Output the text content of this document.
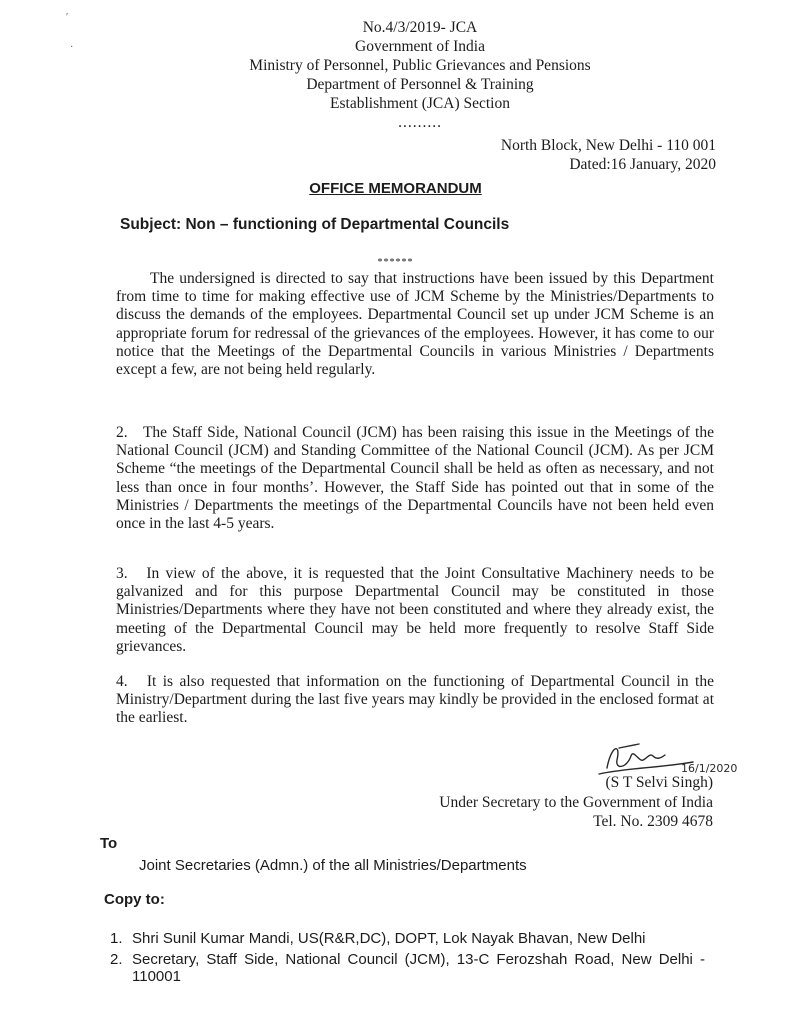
ʹ
·
No.4/3/2019- JCA
Government of India
Ministry of Personnel, Public Grievances and Pensions
Department of Personnel & Training
Establishment (JCA) Section
.........
North Block, New Delhi - 110 001
Dated:16 January, 2020
OFFICE MEMORANDUM
Subject: Non – functioning of Departmental Councils
******
The undersigned is directed to say that instructions have been issued by this Department from time to time for making effective use of JCM Scheme by the Ministries/Departments to discuss the demands of the employees. Departmental Council set up under JCM Scheme is an appropriate forum for redressal of the grievances of the employees. However, it has come to our notice that the Meetings of the Departmental Councils in various Ministries / Departments except a few, are not being held regularly.
2. The Staff Side, National Council (JCM) has been raising this issue in the Meetings of the National Council (JCM) and Standing Committee of the National Council (JCM). As per JCM Scheme “the meetings of the Departmental Council shall be held as often as necessary, and not less than once in four months’. However, the Staff Side has pointed out that in some of the Ministries / Departments the meetings of the Departmental Councils have not been held even once in the last 4-5 years.
3. In view of the above, it is requested that the Joint Consultative Machinery needs to be galvanized and for this purpose Departmental Council may be constituted in those Ministries/Departments where they have not been constituted and where they already exist, the meeting of the Departmental Council may be held more frequently to resolve Staff Side grievances.
4. It is also requested that information on the functioning of Departmental Council in the Ministry/Department during the last five years may kindly be provided in the enclosed format at the earliest.
16/1/2020
(S T Selvi Singh)
Under Secretary to the Government of India
Tel. No. 2309 4678
To
Joint Secretaries (Admn.) of the all Ministries/Departments
Copy to:
1. Shri Sunil Kumar Mandi, US(R&R,DC), DOPT, Lok Nayak Bhavan, New Delhi
2. Secretary, Staff Side, National Council (JCM), 13-C Ferozshah Road, New Delhi - 110001
